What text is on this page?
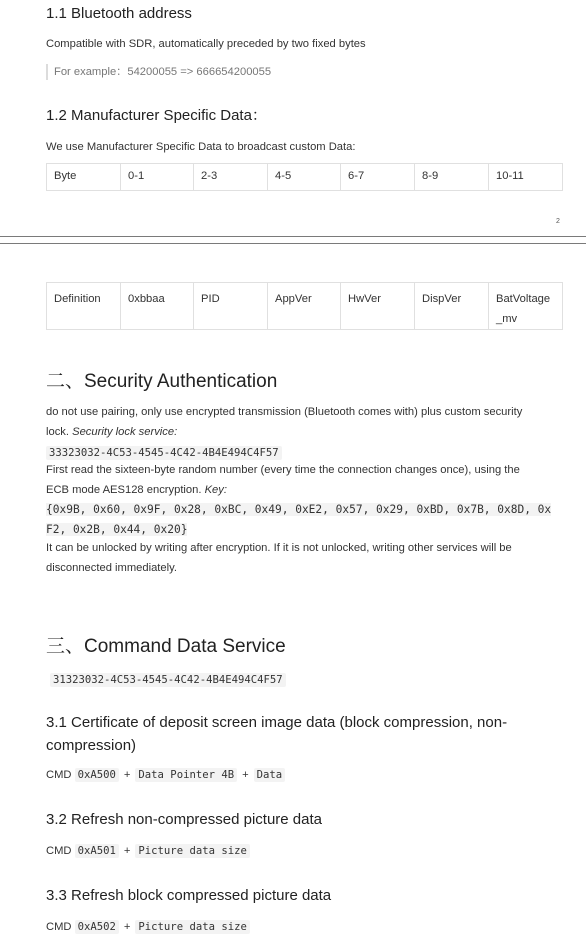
1.1 Bluetooth address
Compatible with SDR, automatically preceded by two fixed bytes
For example：54200055 => 666654200055
1.2 Manufacturer Specific Data：
We use Manufacturer Specific Data to broadcast custom Data:
Byte	0-1	2-3	4-5	6-7	8-9	10-11
2
Definition	0xbbaa	PID	AppVer	HwVer	DispVer	BatVoltage_mv
二、Security Authentication
do not use pairing, only use encrypted transmission (Bluetooth comes with) plus custom security
lock. Security lock service:
33323032-4C53-4545-4C42-4B4E494C4F57
First read the sixteen-byte random number (every time the connection changes once), using the
ECB mode AES128 encryption. Key:
{0x9B, 0x60, 0x9F, 0x28, 0xBC, 0x49, 0xE2, 0x57, 0x29, 0xBD, 0x7B, 0x8D, 0x
F2, 0x2B, 0x44, 0x20}
It can be unlocked by writing after encryption. If it is not unlocked, writing other services will be
disconnected immediately.
三、Command Data Service
31323032-4C53-4545-4C42-4B4E494C4F57
3.1 Certificate of deposit screen image data (block compression, non-
compression)
CMD 0xA500 + Data Pointer 4B + Data
3.2 Refresh non-compressed picture data
CMD 0xA501 + Picture data size
3.3 Refresh block compressed picture data
CMD 0xA502 + Picture data size
